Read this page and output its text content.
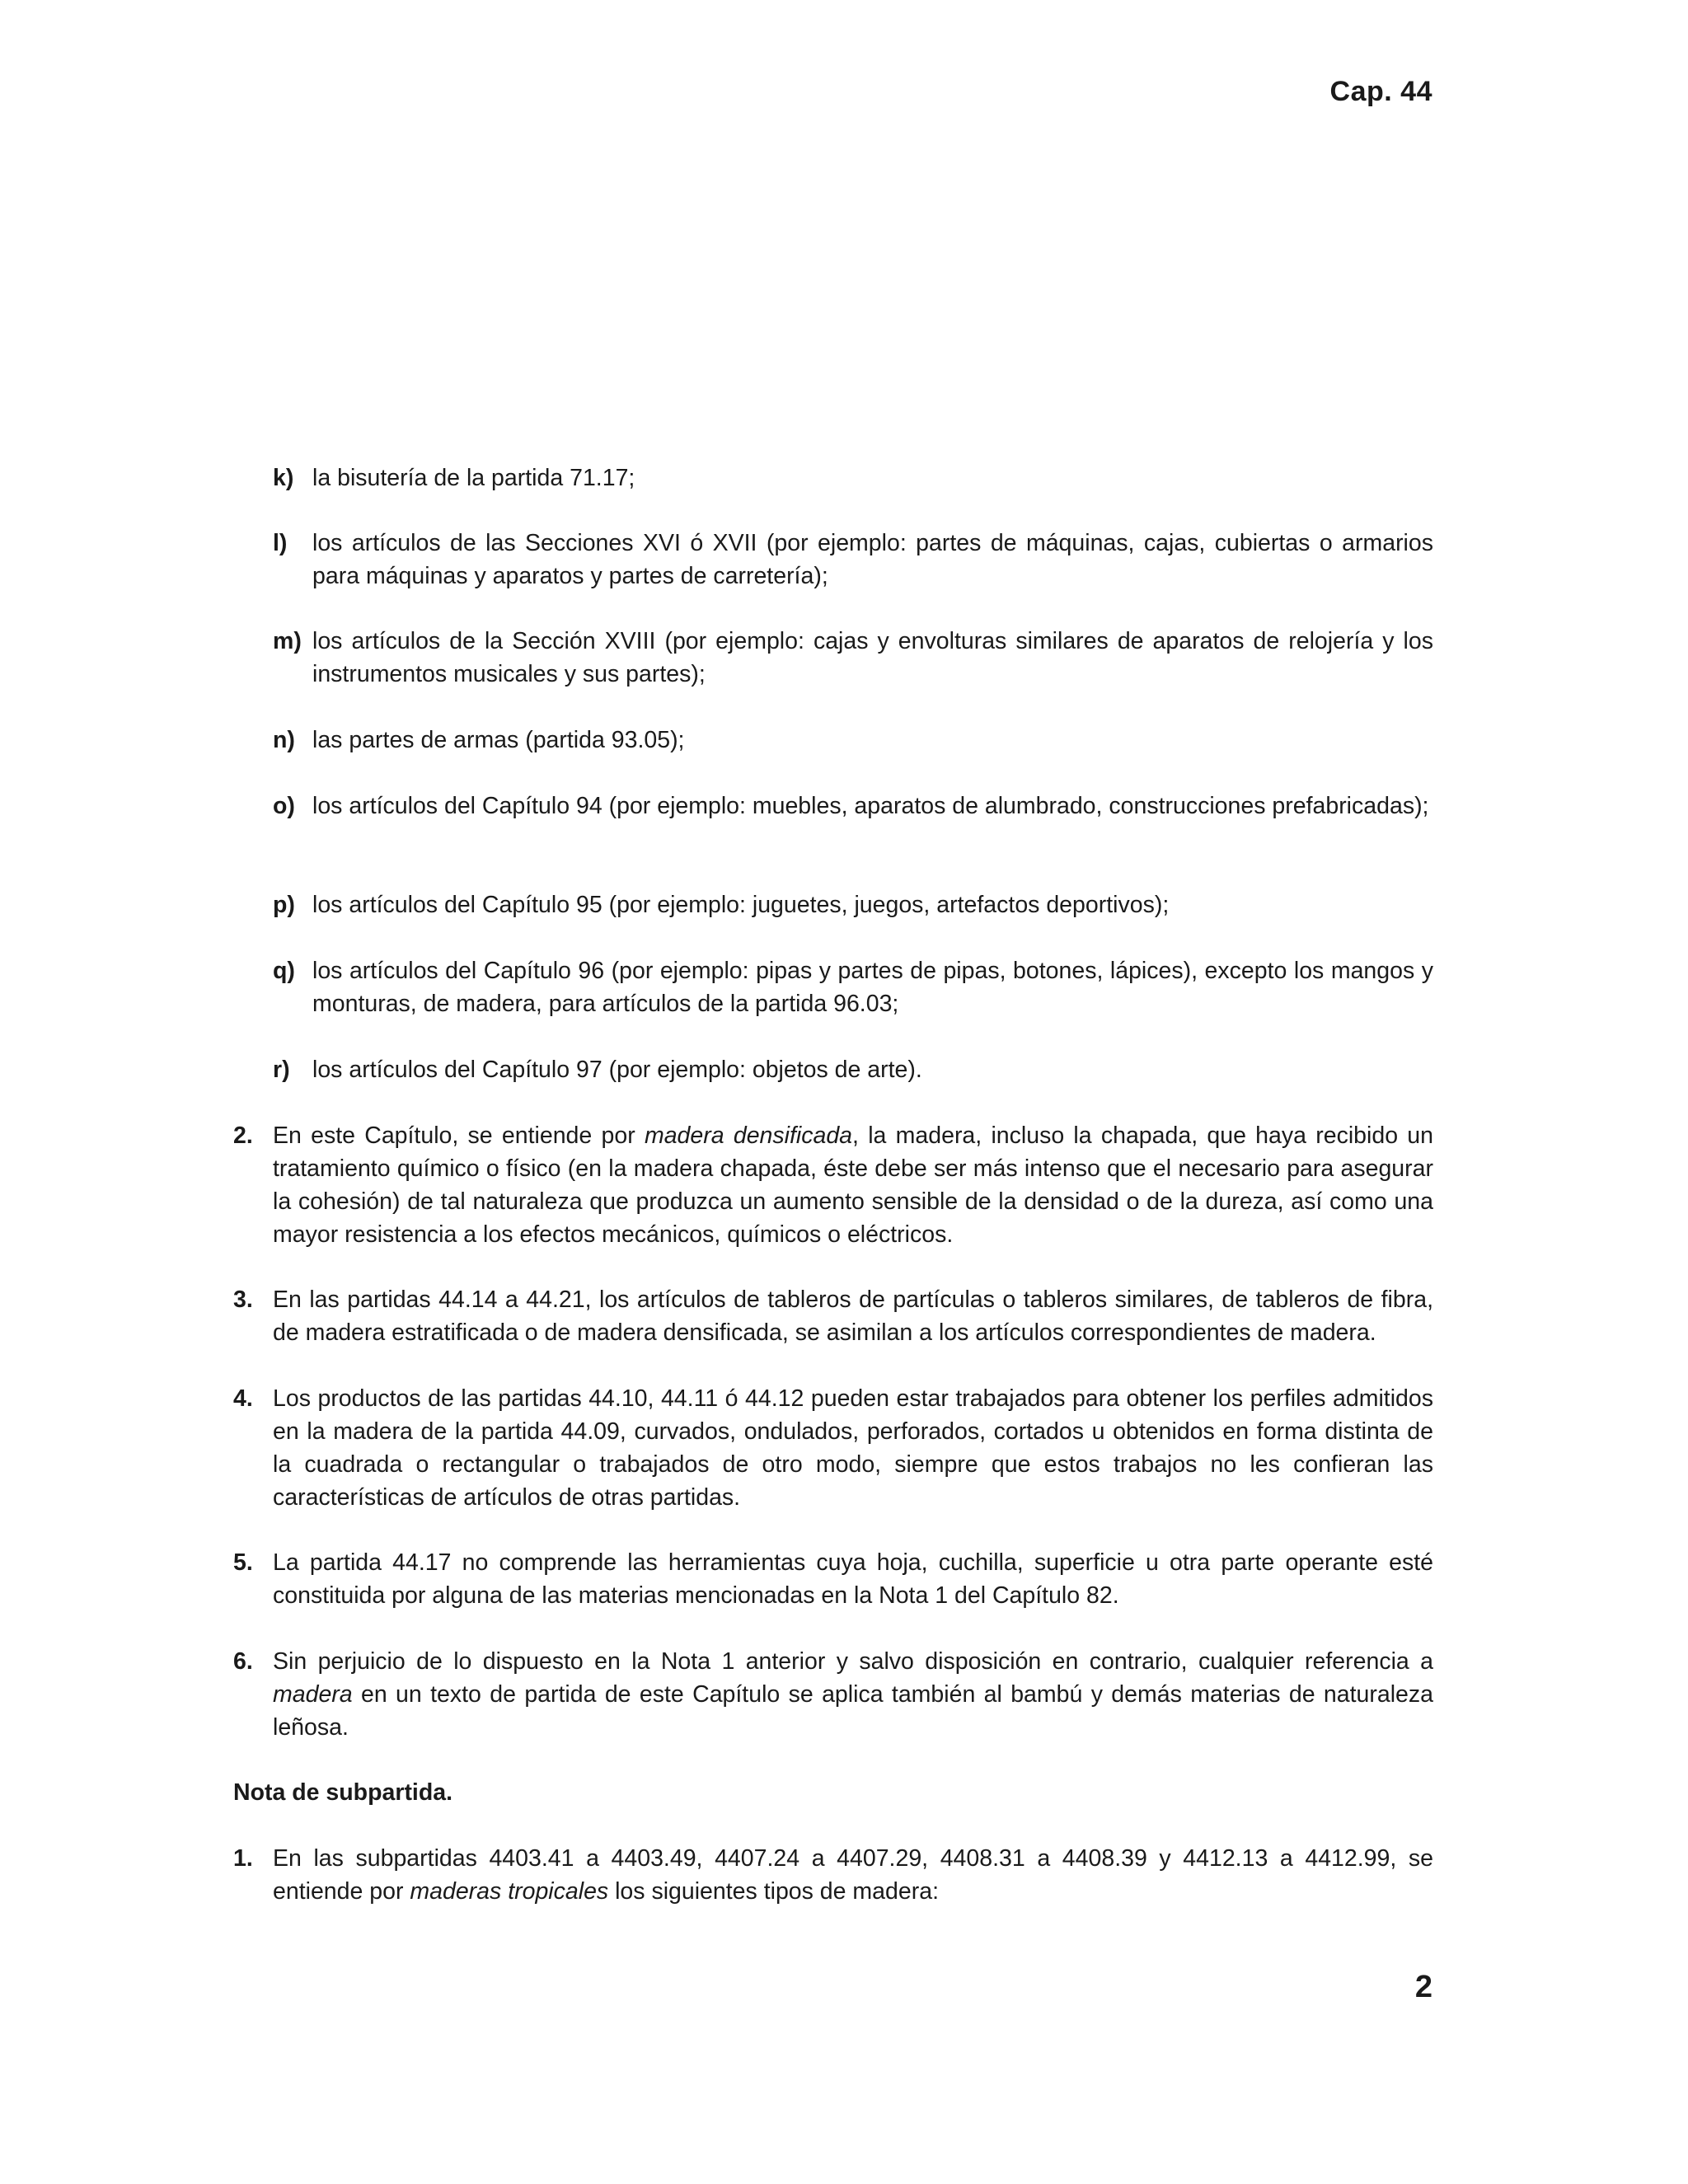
Cap. 44
k) la bisutería de la partida 71.17;
l)	los artículos de las Secciones XVI ó XVII (por ejemplo: partes de máquinas, cajas, cubiertas o armarios para máquinas y aparatos y partes de carretería);
m) los artículos de la Sección XVIII (por ejemplo: cajas y envolturas similares de aparatos de relojería y los instrumentos musicales y sus partes);
n) las partes de armas (partida 93.05);
o) los artículos del Capítulo 94 (por ejemplo: muebles, aparatos de alumbrado, construcciones prefabricadas);
p) los artículos del Capítulo 95 (por ejemplo: juguetes, juegos, artefactos deportivos);
q) los artículos del Capítulo 96 (por ejemplo: pipas y partes de pipas, botones, lápices), excepto los mangos y monturas, de madera, para artículos de la partida 96.03;
r) los artículos del Capítulo 97 (por ejemplo: objetos de arte).
2. En este Capítulo, se entiende por madera densificada, la madera, incluso la chapada, que haya recibido un tratamiento químico o físico (en la madera chapada, éste debe ser más intenso que el necesario para asegurar la cohesión) de tal naturaleza que produzca un aumento sensible de la densidad o de la dureza, así como una mayor resistencia a los efectos mecánicos, químicos o eléctricos.
3. En las partidas 44.14 a 44.21, los artículos de tableros de partículas o tableros similares, de tableros de fibra, de madera estratificada o de madera densificada, se asimilan a los artículos correspondientes de madera.
4. Los productos de las partidas 44.10, 44.11 ó 44.12 pueden estar trabajados para obtener los perfiles admitidos en la madera de la partida 44.09, curvados, ondulados, perforados, cortados u obtenidos en forma distinta de la cuadrada o rectangular o trabajados de otro modo, siempre que estos trabajos no les confieran las características de artículos de otras partidas.
5. La partida 44.17 no comprende las herramientas cuya hoja, cuchilla, superficie u otra parte operante esté constituida por alguna de las materias mencionadas en la Nota 1 del Capítulo 82.
6. Sin perjuicio de lo dispuesto en la Nota 1 anterior y salvo disposición en contrario, cualquier referencia a madera en un texto de partida de este Capítulo se aplica también al bambú y demás materias de naturaleza leñosa.
Nota de subpartida.
1. En las subpartidas 4403.41 a 4403.49, 4407.24 a 4407.29, 4408.31 a 4408.39 y 4412.13 a 4412.99, se entiende por maderas tropicales los siguientes tipos de madera:
2
